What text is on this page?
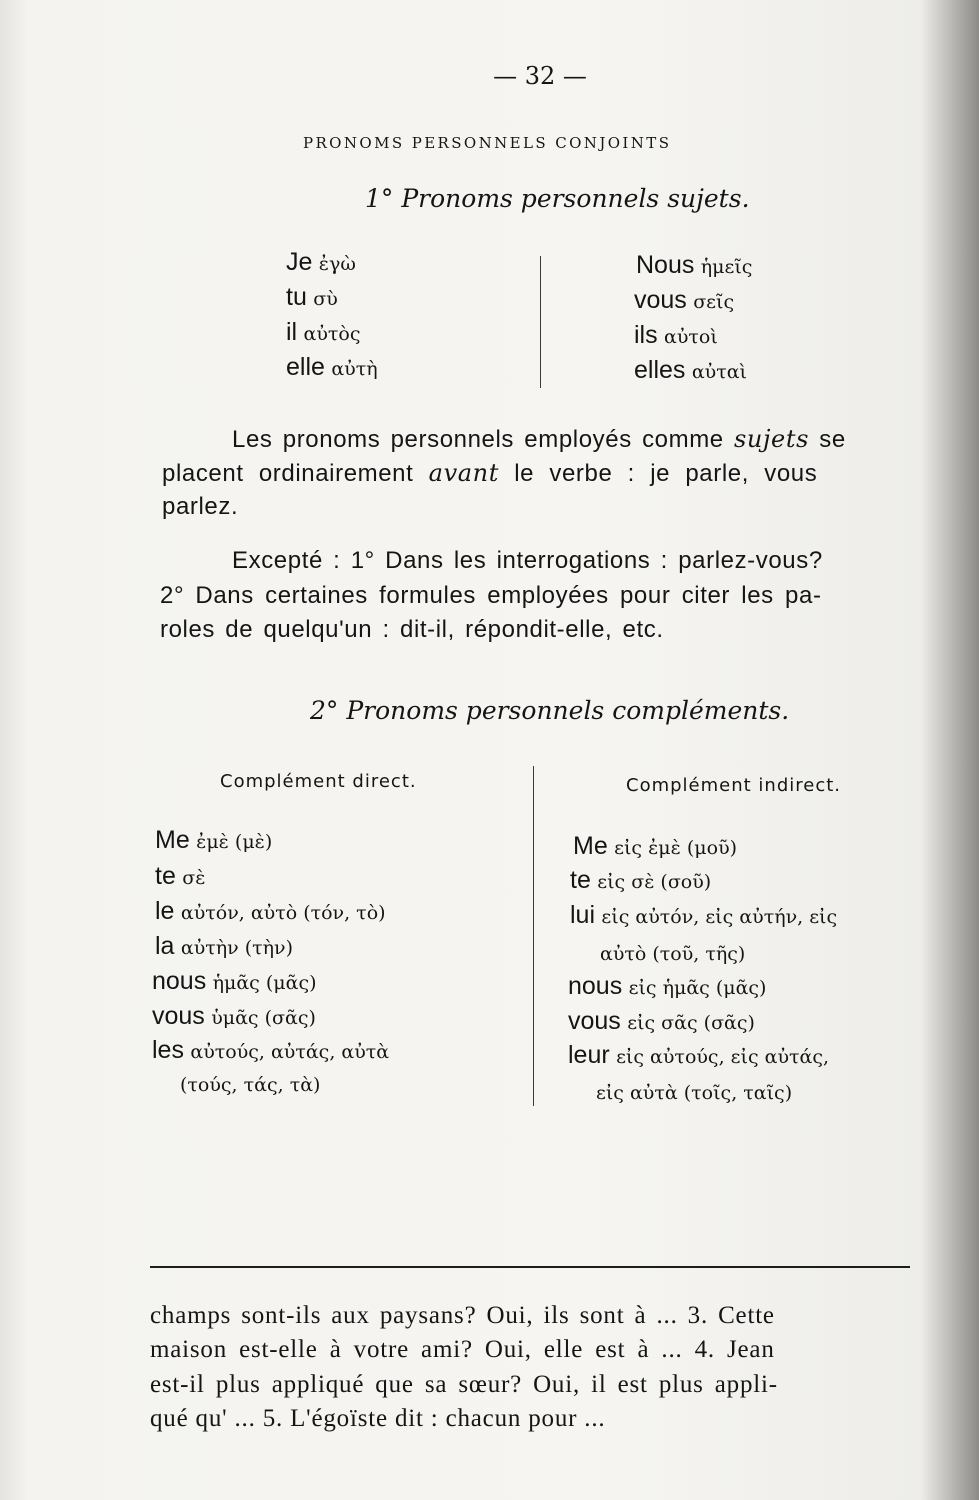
— 32 —
PRONOMS PERSONNELS CONJOINTS
1° Pronoms personnels sujets.
Je ἐγὼ
tu σὺ
il αὐτὸς
elle αὐτὴ
Nous ἡμεῖς
vous σεῖς
ils αὐτοὶ
elles αὐταὶ
Les pronoms personnels employés comme sujets se
placent ordinairement avant le verbe : je parle, vous
parlez.
Excepté : 1° Dans les interrogations : parlez-vous?
2° Dans certaines formules employées pour citer les pa-
roles de quelqu'un : dit-il, répondit-elle, etc.
2° Pronoms personnels compléments.
Complément direct.	Complément indirect.
Me ἐμὲ (μὲ)
te σὲ
le αὐτόν, αὐτὸ (τόν, τὸ)
la αὐτὴν (τὴν)
nous ἡμᾶς (μᾶς)
vous ὑμᾶς (σᾶς)
les αὐτούς, αὐτάς, αὐτὰ
(τούς, τάς, τὰ)
Me εἰς ἐμὲ (μοῦ)
te εἰς σὲ (σοῦ)
lui εἰς αὐτόν, εἰς αὐτήν, εἰς
αὐτὸ (τοῦ, τῆς)
nous εἰς ἡμᾶς (μᾶς)
vous εἰς σᾶς (σᾶς)
leur εἰς αὐτούς, εἰς αὐτάς,
εἰς αὐτὰ (τοῖς, ταῖς)
champs sont-ils aux paysans? Oui, ils sont à ... 3. Cette
maison est-elle à votre ami? Oui, elle est à ... 4. Jean
est-il plus appliqué que sa sœur? Oui, il est plus appli-
qué qu' ... 5. L'égoïste dit : chacun pour ...
